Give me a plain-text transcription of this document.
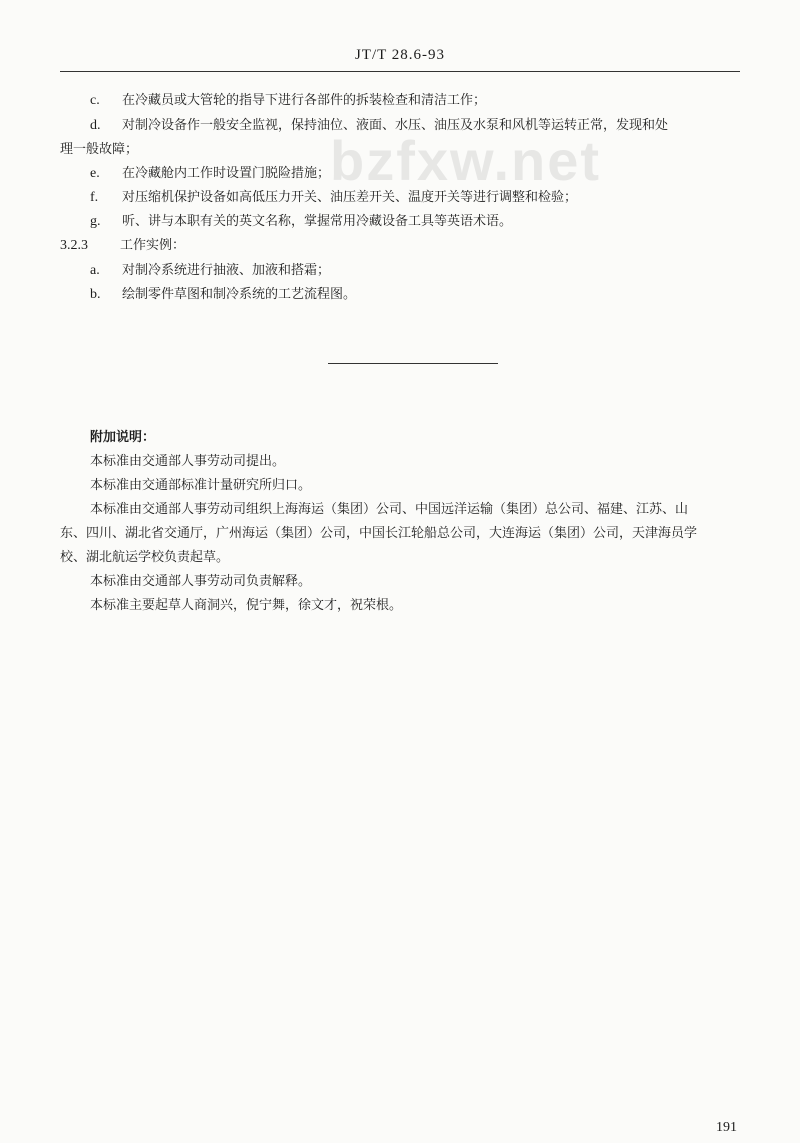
JT/T 28.6-93
bzfxw.net
c. 在冷藏员或大管轮的指导下进行各部件的拆装检查和清洁工作；
d. 对制冷设备作一般安全监视，保持油位、液面、水压、油压及水泵和风机等运转正常，发现和处
理一般故障；
e. 在冷藏舱内工作时设置门脱险措施；
f. 对压缩机保护设备如高低压力开关、油压差开关、温度开关等进行调整和检验；
g. 听、讲与本职有关的英文名称，掌握常用冷藏设备工具等英语术语。
3.2.3 工作实例：
a. 对制冷系统进行抽液、加液和搭霜；
b. 绘制零件草图和制冷系统的工艺流程图。
附加说明：
本标准由交通部人事劳动司提出。
本标准由交通部标准计量研究所归口。
本标准由交通部人事劳动司组织上海海运（集团）公司、中国远洋运输（集团）总公司、福建、江苏、山
东、四川、湖北省交通厅，广州海运（集团）公司，中国长江轮船总公司，大连海运（集团）公司，天津海员学
校、湖北航运学校负责起草。
本标准由交通部人事劳动司负责解释。
本标准主要起草人商洞兴，倪宁舞，徐文才，祝荣根。
191
